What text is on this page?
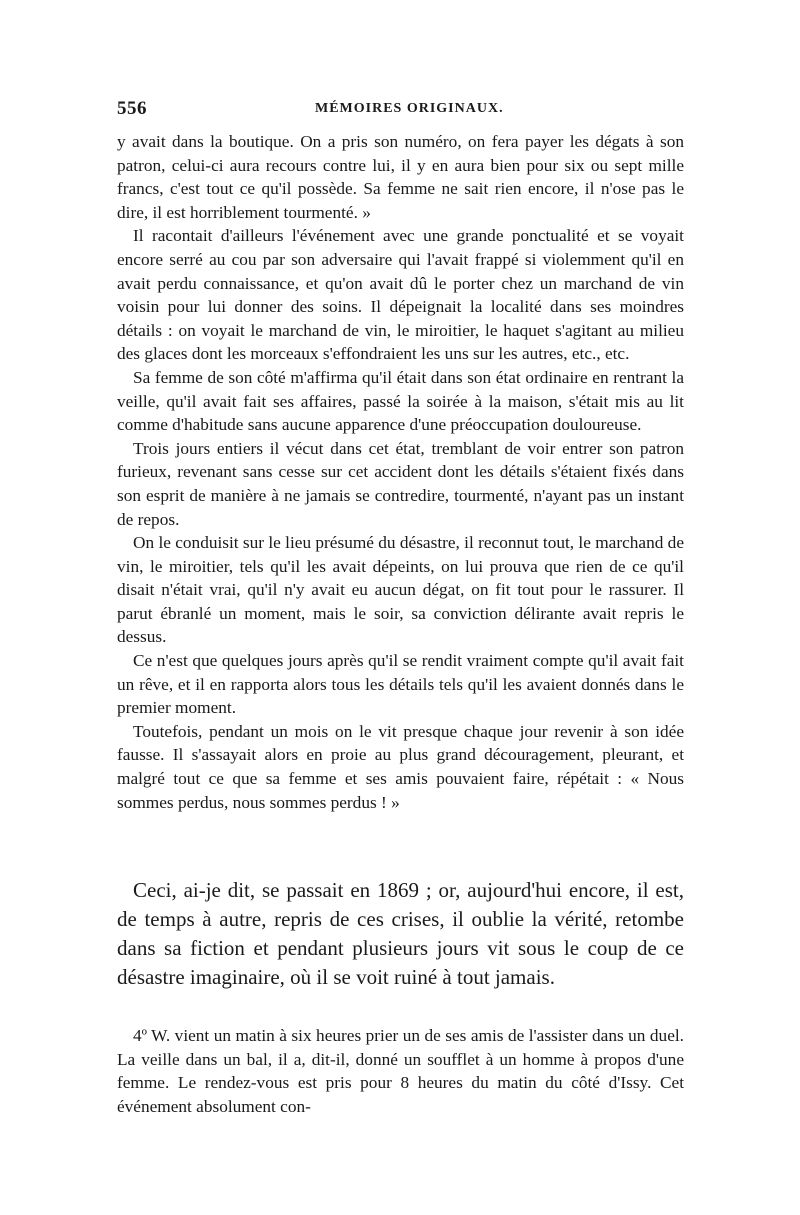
556	MÉMOIRES ORIGINAUX.

y avait dans la boutique. On a pris son numéro, on fera payer les dégats à son patron, celui-ci aura recours contre lui, il y en aura bien pour six ou sept mille francs, c'est tout ce qu'il possède. Sa femme ne sait rien encore, il n'ose pas le dire, il est horriblement tourmenté. »

Il racontait d'ailleurs l'événement avec une grande ponctualité et se voyait encore serré au cou par son adversaire qui l'avait frappé si violemment qu'il en avait perdu connaissance, et qu'on avait dû le porter chez un marchand de vin voisin pour lui donner des soins. Il dépeignait la localité dans ses moindres détails : on voyait le marchand de vin, le miroitier, le haquet s'agitant au milieu des glaces dont les morceaux s'effondraient les uns sur les autres, etc., etc.

Sa femme de son côté m'affirma qu'il était dans son état ordinaire en rentrant la veille, qu'il avait fait ses affaires, passé la soirée à la maison, s'était mis au lit comme d'habitude sans aucune apparence d'une préoccupation douloureuse.

Trois jours entiers il vécut dans cet état, tremblant de voir entrer son patron furieux, revenant sans cesse sur cet accident dont les détails s'étaient fixés dans son esprit de manière à ne jamais se contredire, tourmenté, n'ayant pas un instant de repos.

On le conduisit sur le lieu présumé du désastre, il reconnut tout, le marchand de vin, le miroitier, tels qu'il les avait dépeints, on lui prouva que rien de ce qu'il disait n'était vrai, qu'il n'y avait eu aucun dégat, on fit tout pour le rassurer. Il parut ébranlé un moment, mais le soir, sa conviction délirante avait repris le dessus.

Ce n'est que quelques jours après qu'il se rendit vraiment compte qu'il avait fait un rêve, et il en rapporta alors tous les détails tels qu'il les avaient donnés dans le premier moment.

Toutefois, pendant un mois on le vit presque chaque jour revenir à son idée fausse. Il s'assayait alors en proie au plus grand découragement, pleurant, et malgré tout ce que sa femme et ses amis pouvaient faire, répétait : « Nous sommes perdus, nous sommes perdus ! »

Ceci, ai-je dit, se passait en 1869 ; or, aujourd'hui encore, il est, de temps à autre, repris de ces crises, il oublie la vérité, retombe dans sa fiction et pendant plusieurs jours vit sous le coup de ce désastre imaginaire, où il se voit ruiné à tout jamais.

4º W. vient un matin à six heures prier un de ses amis de l'assister dans un duel. La veille dans un bal, il a, dit-il, donné un soufflet à un homme à propos d'une femme. Le rendez-vous est pris pour 8 heures du matin du côté d'Issy. Cet événement absolument con-
